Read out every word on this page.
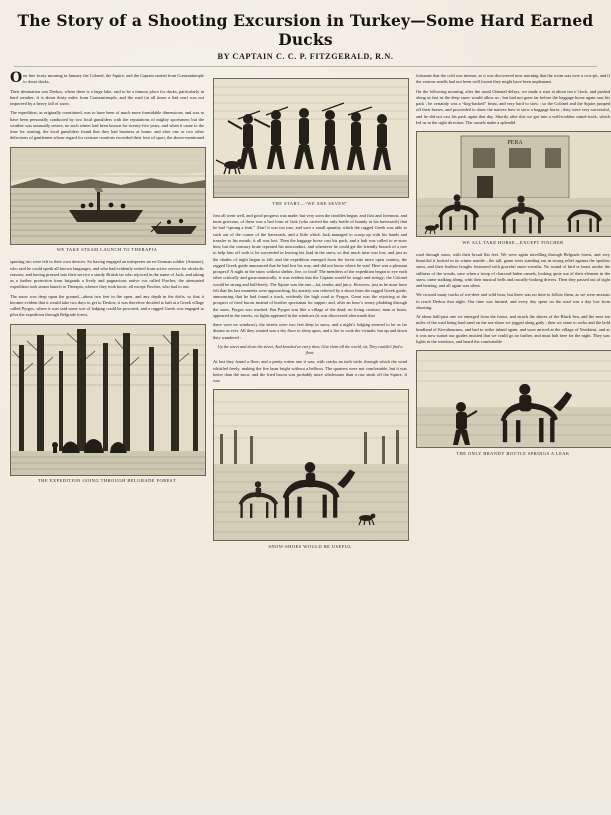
The Story of a Shooting Excursion in Turkey—Some Hard Earned Ducks
BY CAPTAIN C. C. P. FITZGERALD, R.N.

One fine frosty morning in January the Colonel, the Squire, and the Captain started from Constantinople to shoot ducks.

Their destination was Derkos, where there is a large lake, said to be a famous place for ducks, particularly in hard weather; it is about thirty miles from Constantinople, and the road (at all times a bad one) was not improved by a heavy fall of snow.

The expedition, as originally constituted, was to have been of much more formidable dimensions, and was to have been personally conducted by two local gunsliders with the reputations of mighty sportsmen; but the weather was unusually severe, no such winter had been known for twenty-five years, and when it came to the time for starting, the local gunsliders found that they had business at home, and after one or two other defections of gentlemen whose regard for creature comforts exceeded their love of sport, the above-mentioned

WE TAKE STEAM LAUNCH TO THERAPIA

sporting trio were left to their own devices. So having engaged an interpreter an ex-German soldier (Antoine), who said he could speak all known languages, and who had evidently retired from active service for alcoholic reasons; and having pressed into their service a sturdy British tar who rejoiced in the name of Jack; and taking as a further protection from brigands a lively and pugnacious native cur called Fincher, the attenuated expedition took steam launch to Therapia, whence they took horse, all except Fincher, who had to run.

The snow was deep upon the ground—about two feet in the open, and any depth in the drifts, so that it became evident that it would take two days to get to Derkos; it was therefore decided to halt at a Greek village called Pyrgos, where it was said some sort of lodging could be procured, and a ragged Greek was engaged to pilot the expedition through Belgrade forest.

THE EXPEDITION GOING THROUGH BELGRADE FOREST
THE START—“WE ARE SEVEN”

first all went well, and good progress was made; but very soon the troubles began; and first and foremost, and most grievous, of these was a bad form of Jack (who carried the only bottle of brandy in his haversack) that he had “sprung a leak.” Alas! it was too true, and save a small quantity which the ragged Greek was able to suck out of the corner of the haversack, and a little which Jack managed to scoop up with his hands and transfer to his mouth, it all was lost. Then the baggage horse cast his pack, and a halt was called to re-stow him; but the contrary brute repeated his misconduct, and whenever he could get the friendly branch of a tree to help him off with it, he succeeded in leaving his load in the snow, so that much time was lost, and just as the shades of night began to fall, and the expedition emerged from the forest into more open country, the ragged Greek guide announced that he had lost his way, and did not know where he was! Here was a pleasant prospect! A night in the snow without shelter, fire, or food! The members of the expedition began to eye each other critically and gastronomically; it was evident that the Captain would be tough and stringy; the Colonel would be strong and bull-beefy. The Squire was the one—fat, tender, and juicy. However, just as he must have felt that his last moments were approaching, his anxiety was relieved by a shout from the ragged Greek guide, announcing that he had found a track, evidently the high road to Pyrgos. Great was the rejoicing at the prospect of fried bacon instead of brother sportsman for supper; and, after an hour’s weary plodding through the snow, Pyrgos was reached. But Pyrgos was like a village of the dead; no living creature, man or beast, appeared in the streets, no lights appeared in the windows (it was discovered afterwards that

there were no windows), the streets were two feet deep in snow, and a night’s lodging seemed to be as far distant as ever. All they wanted was a dry floor to sleep upon, and a fire to cook the victuals; but up and down they wandered :

Up the street and down the street, And knocked at every door, Give them all the world, sir, They couldn’t find a floor.

At last they found a floor, and a pretty rotten one it was, with cracks an inch wide, through which the wind whistled freely, making the fire burn bright without a bellows. The quarters were not comfortable, but it was better than the snow, and the fried bacon was probably more wholesome than a raw steak off the Squire. It was

SNOW-SHOES WOULD BE USEFUL

fortunate that the cold was intense, as it was discovered next morning that the room was over a cow-pit, and if the various smells had not been well frozen they might have been unpleasant.

On the following morning, after the usual Oriental delays, we made a start at about ten o’clock, and pushed along as fast as the deep snow would allow us ; but had not gone far before the baggage horse again cast his pack ; he certainly was a “hog-backed” beast, and very hard to stow ; so the Colonel and the Squire jumped off their horses, and proceeded to show the natives how to stow a baggage horse ; they were very successful, and he did not cast his pack again that day. Shortly after this we got into a well-trodden camel-track, which led us in the right direction. The camels make a splendid

PERA
WE ALL TAKE HORSE—EXCEPT FINCHER

road through snow, with their broad flat feet. We were again travelling through Belgrade forest, and very beautiful it looked in its winter mantle ; the tall, gaunt trees standing out in strong relief against the spotless snow, and their leafless boughs festooned with graceful snow-wreaths. No sound of bird or beast awoke the stillness of the woods, save when a troop of charcoal-laden camels, looking quite out of their element in the snow, came stalking along, with their musical bells and rascally-looking drivers. Then they passed out of sight and hearing, and all again was silent.

We crossed many tracks of roe-deer and wild boar, but there was no time to follow them, as we were anxious to reach Derkos that night. Our time was limited, and every day spent on the road was a day lost from shooting.

At about half-past one we emerged from the forest, and struck the shores of the Black Sea, and the next ten miles of the road being hard sand on the sea-shore we jogged along gaily ; then we came to rocks and the bold headland of Kierabournou, and had to strike inland again, and soon arrived at the village of Yenikieui, and as it was now sunset our guides insisted that we could go no further, and must halt here for the night. They saw lights in the windows, and heard the comfortable

THE ONLY BRANDY BOTTLE SPRINGS A LEAK
